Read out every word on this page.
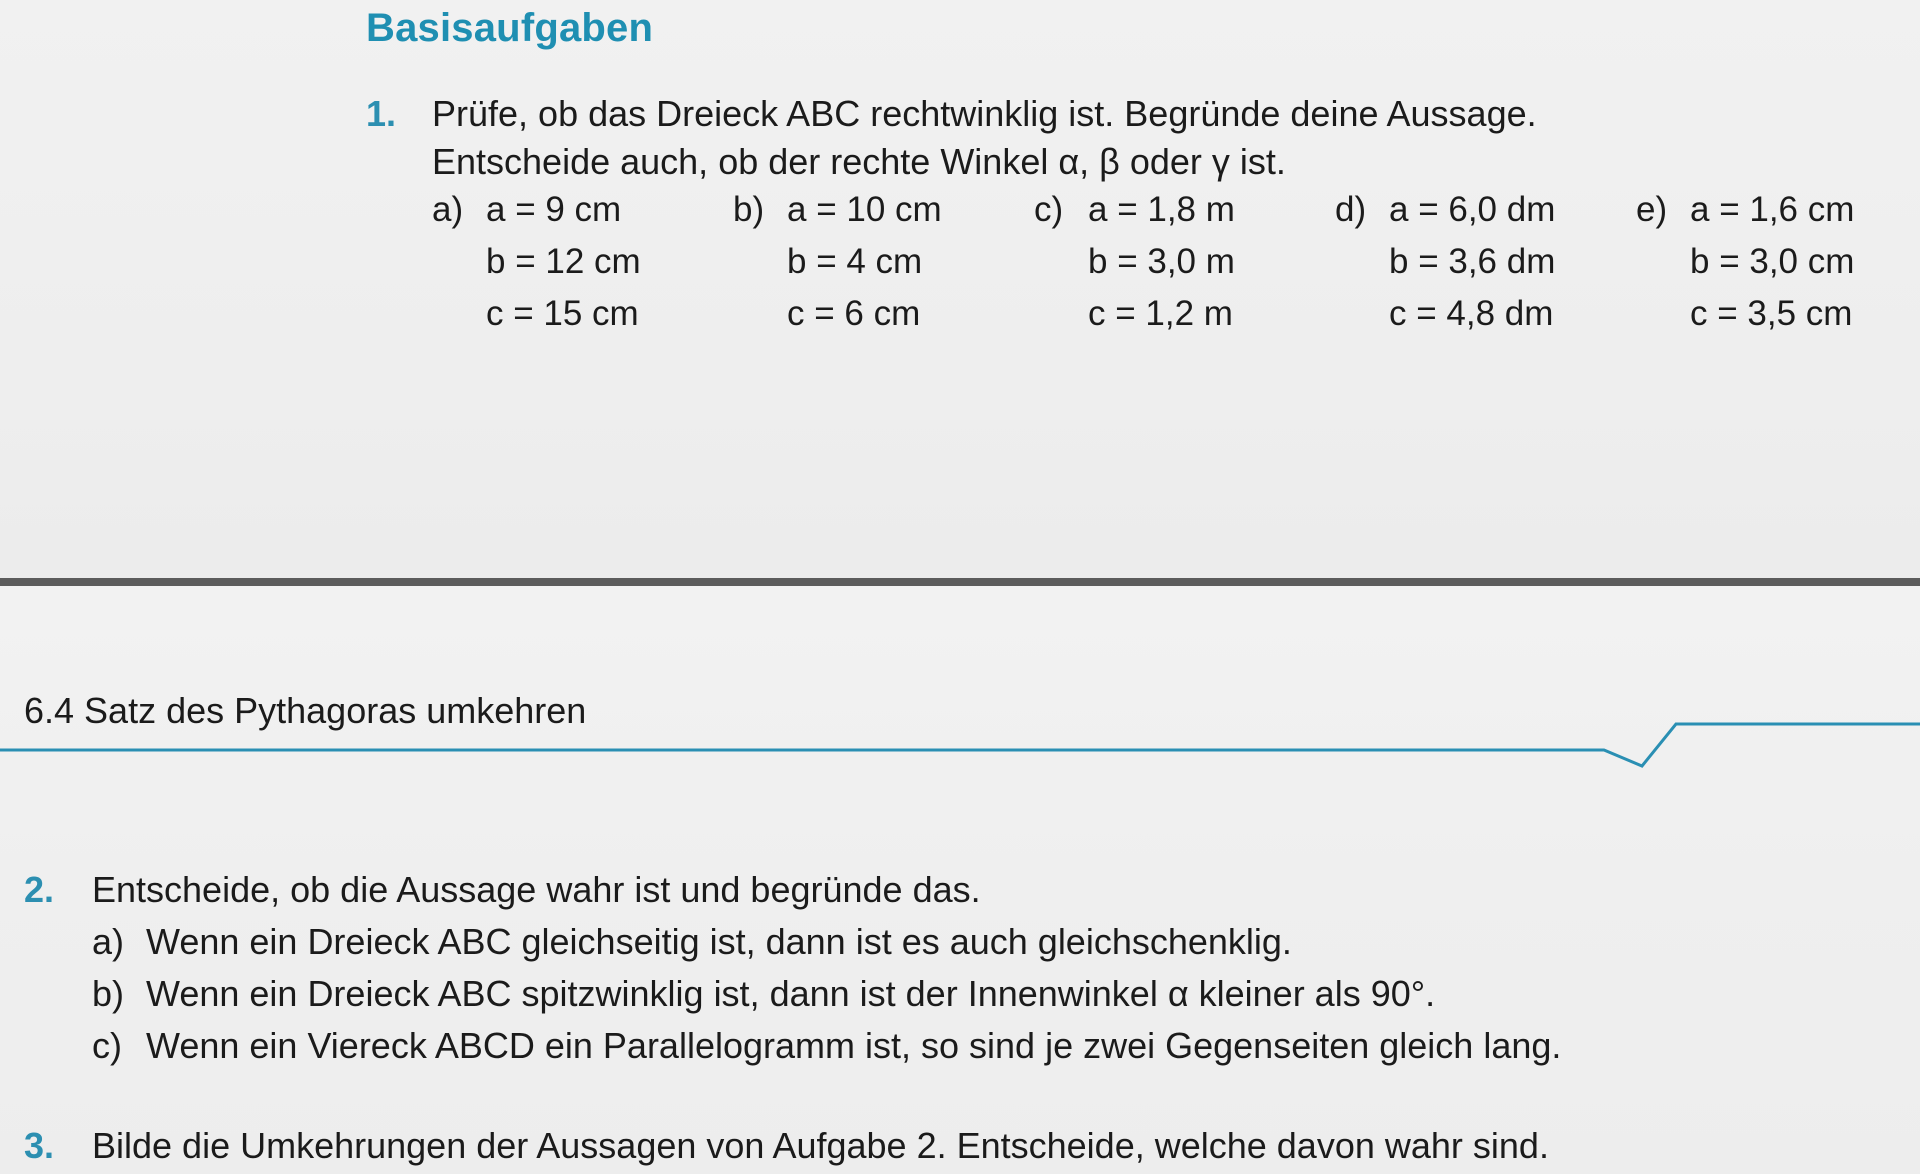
Basisaufgaben
1. Prüfe, ob das Dreieck ABC rechtwinklig ist. Begründe deine Aussage.
Entscheide auch, ob der rechte Winkel α, β oder γ ist.
a) a = 9 cm
b = 12 cm
c = 15 cm
b) a = 10 cm
b = 4 cm
c = 6 cm
c) a = 1,8 m
b = 3,0 m
c = 1,2 m
d) a = 6,0 dm
b = 3,6 dm
c = 4,8 dm
e) a = 1,6 cm
b = 3,0 cm
c = 3,5 cm
6.4 Satz des Pythagoras umkehren
2. Entscheide, ob die Aussage wahr ist und begründe das.
a) Wenn ein Dreieck ABC gleichseitig ist, dann ist es auch gleichschenklig.
b) Wenn ein Dreieck ABC spitzwinklig ist, dann ist der Innenwinkel α kleiner als 90°.
c) Wenn ein Viereck ABCD ein Parallelogramm ist, so sind je zwei Gegenseiten gleich lang.
3. Bilde die Umkehrungen der Aussagen von Aufgabe 2. Entscheide, welche davon wahr sind.
